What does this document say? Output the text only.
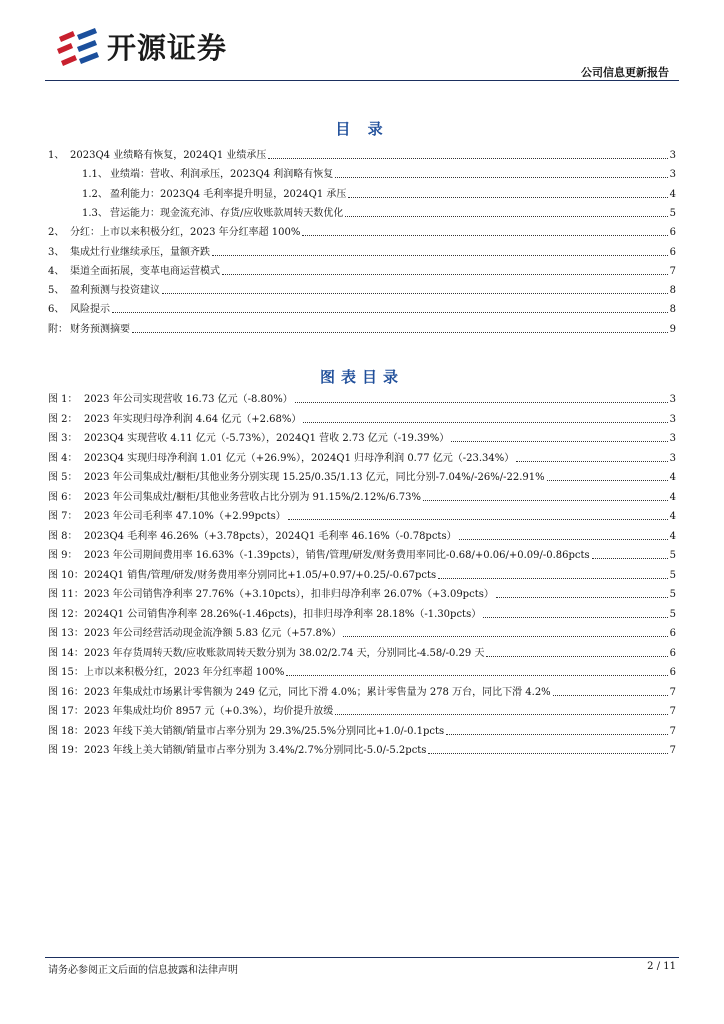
开源证券
公司信息更新报告
目 录
1、 2023Q4 业绩略有恢复，2024Q1 业绩承压	3
1.1、 业绩端：营收、利润承压，2023Q4 利润略有恢复	3
1.2、 盈利能力：2023Q4 毛利率提升明显，2024Q1 承压	4
1.3、 营运能力：现金流充沛、存货/应收账款周转天数优化	5
2、 分红：上市以来积极分红，2023 年分红率超 100%	6
3、 集成灶行业继续承压，量额齐跌	6
4、 渠道全面拓展，变革电商运营模式	7
5、 盈利预测与投资建议	8
6、 风险提示	8
附： 财务预测摘要	9
图表目录
图 1： 2023 年公司实现营收 16.73 亿元（-8.80%）	3
图 2： 2023 年实现归母净利润 4.64 亿元（+2.68%）	3
图 3： 2023Q4 实现营收 4.11 亿元（-5.73%），2024Q1 营收 2.73 亿元（-19.39%）	3
图 4： 2023Q4 实现归母净利润 1.01 亿元（+26.9%），2024Q1 归母净利润 0.77 亿元（-23.34%）	3
图 5： 2023 年公司集成灶/橱柜/其他业务分别实现 15.25/0.35/1.13 亿元，同比分别-7.04%/-26%/-22.91%	4
图 6： 2023 年公司集成灶/橱柜/其他业务营收占比分别为 91.15%/2.12%/6.73%	4
图 7： 2023 年公司毛利率 47.10%（+2.99pcts）	4
图 8： 2023Q4 毛利率 46.26%（+3.78pcts），2024Q1 毛利率 46.16%（-0.78pcts）	4
图 9： 2023 年公司期间费用率 16.63%（-1.39pcts），销售/管理/研发/财务费用率同比-0.68/+0.06/+0.09/-0.86pcts	5
图 10： 2024Q1 销售/管理/研发/财务费用率分别同比+1.05/+0.97/+0.25/-0.67pcts	5
图 11： 2023 年公司销售净利率 27.76%（+3.10pcts），扣非归母净利率 26.07%（+3.09pcts）	5
图 12： 2024Q1 公司销售净利率 28.26%(-1.46pcts)，扣非归母净利率 28.18%（-1.30pcts）	5
图 13： 2023 年公司经营活动现金流净额 5.83 亿元（+57.8%）	6
图 14： 2023 年存货周转天数/应收账款周转天数分别为 38.02/2.74 天，分别同比-4.58/-0.29 天	6
图 15： 上市以来积极分红，2023 年分红率超 100%	6
图 16： 2023 年集成灶市场累计零售额为 249 亿元，同比下滑 4.0%；累计零售量为 278 万台，同比下滑 4.2%	7
图 17： 2023 年集成灶均价 8957 元（+0.3%），均价提升放缓	7
图 18： 2023 年线下美大销额/销量市占率分别为 29.3%/25.5%分别同比+1.0/-0.1pcts	7
图 19： 2023 年线上美大销额/销量市占率分别为 3.4%/2.7%分别同比-5.0/-5.2pcts	7
请务必参阅正文后面的信息披露和法律声明	2 / 11
